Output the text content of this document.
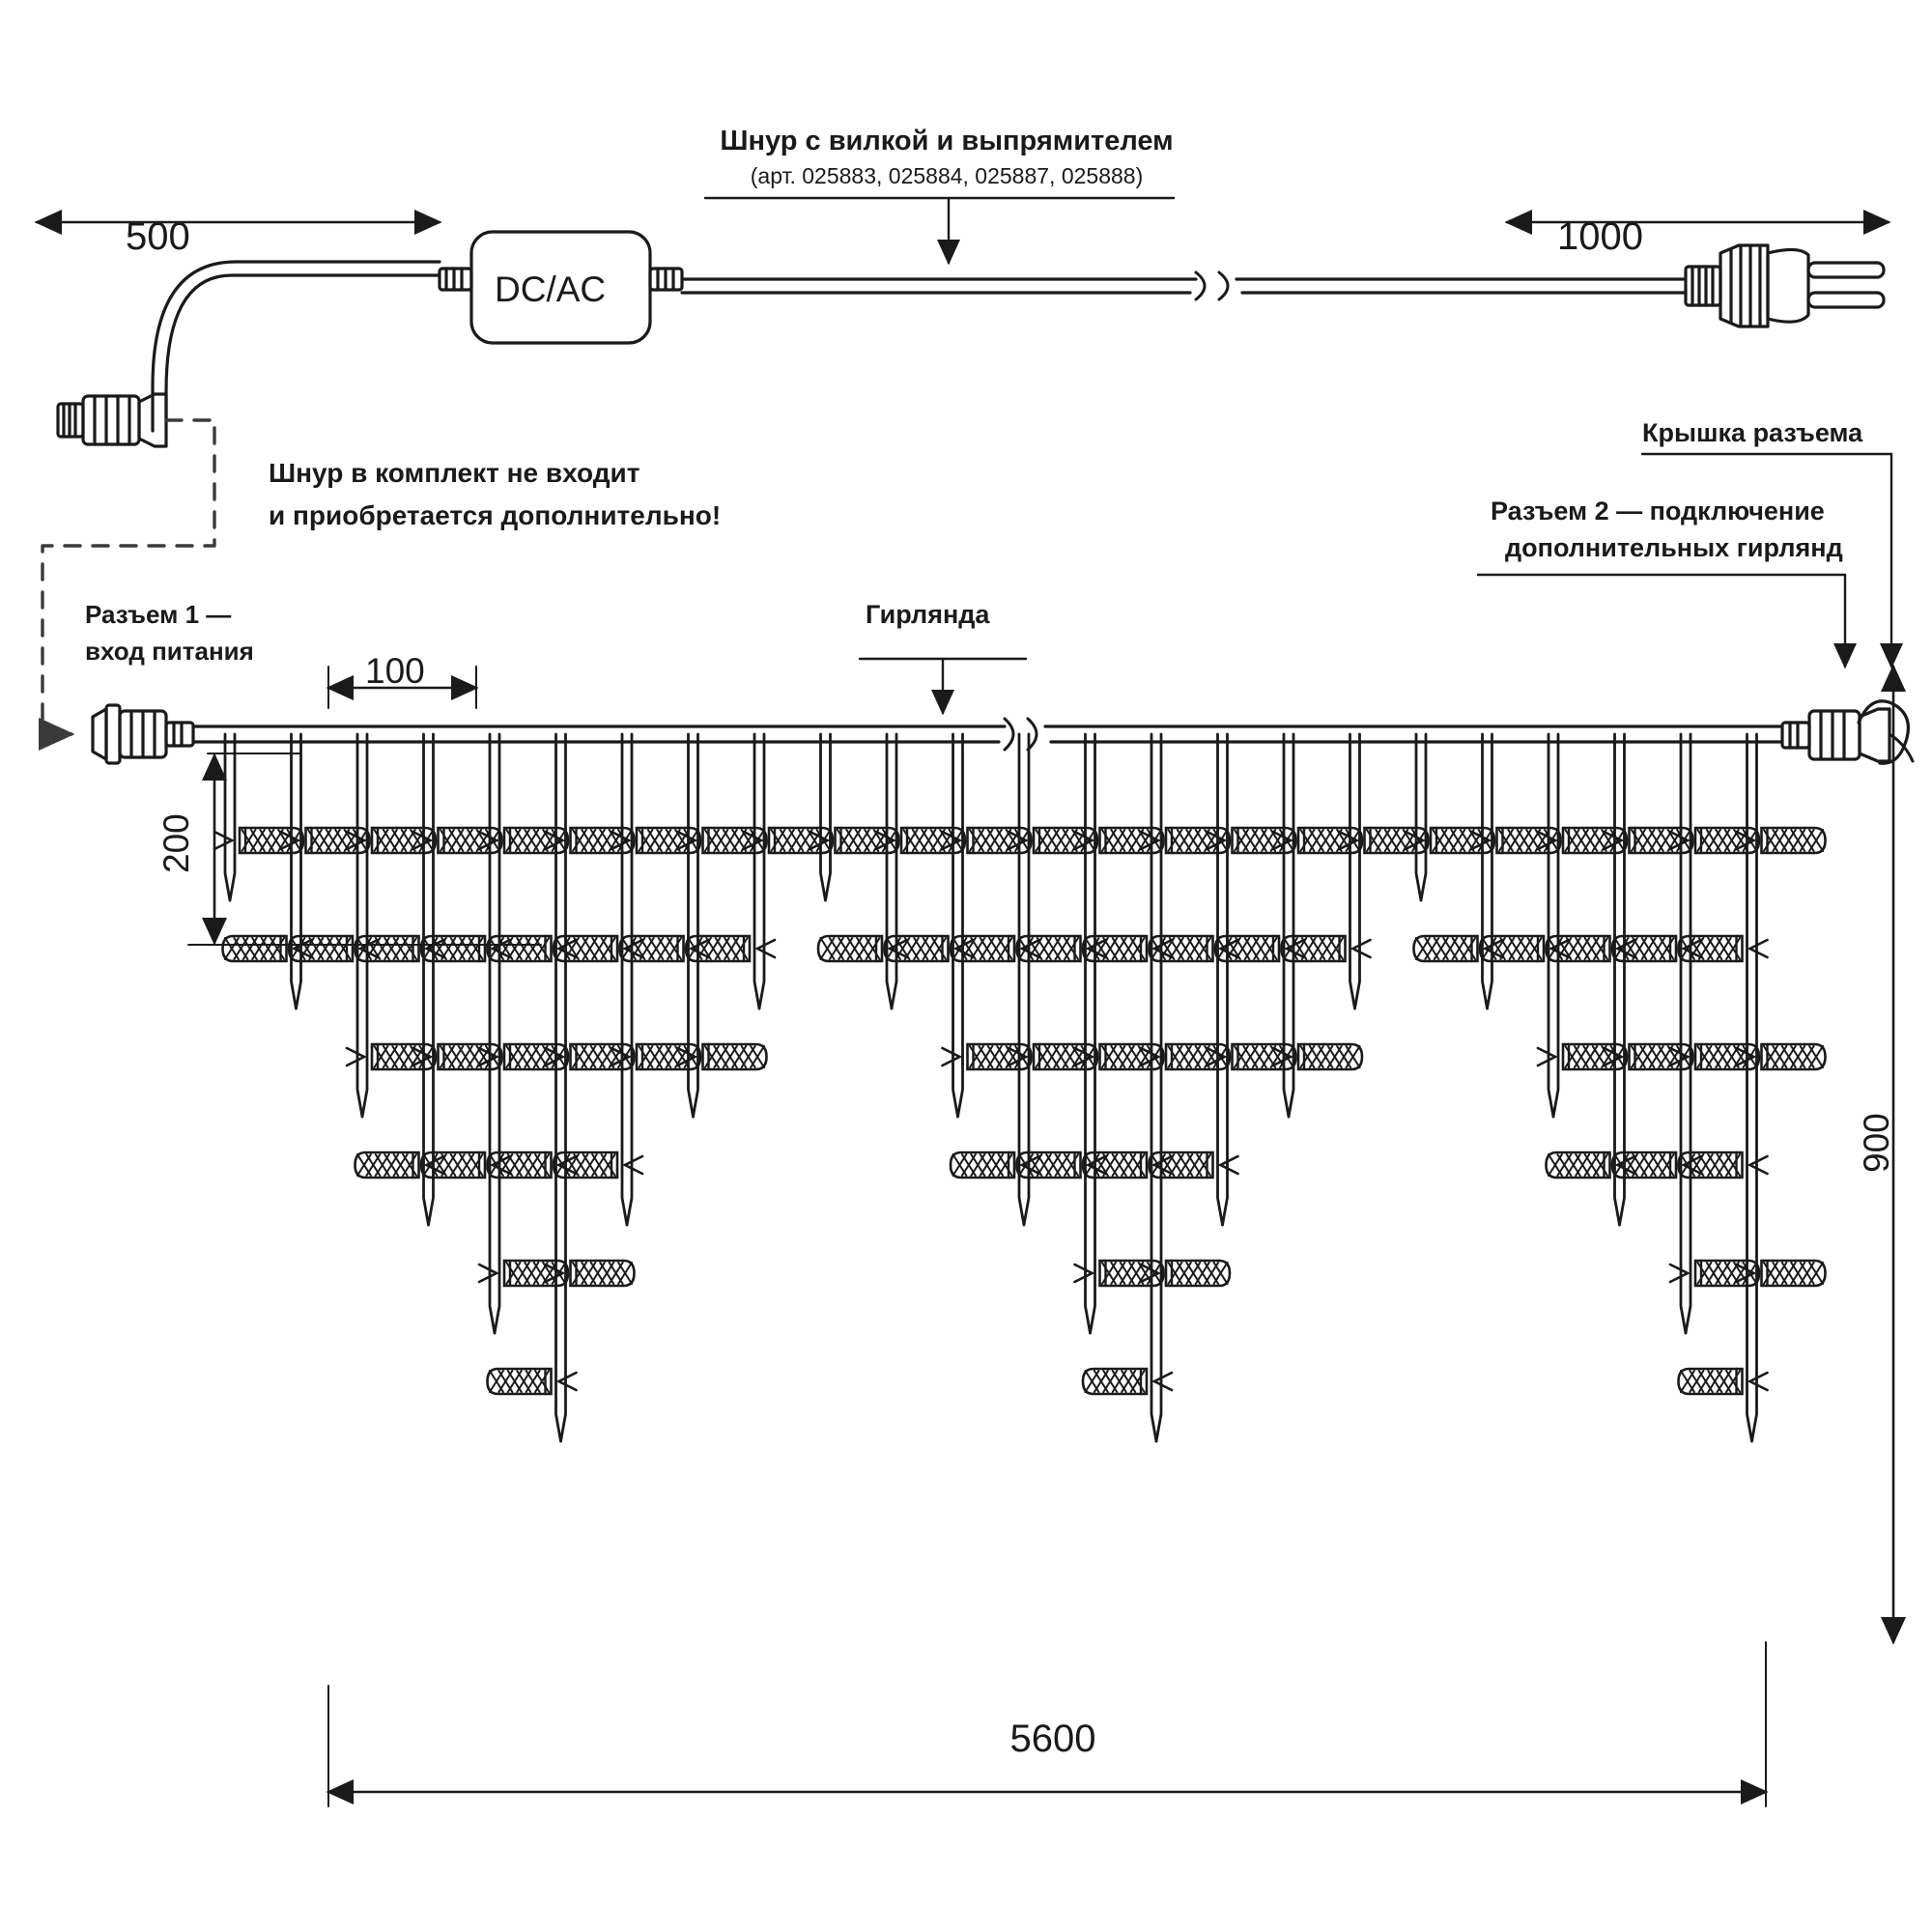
Шнур с вилкой и выпрямителем
(арт. 025883, 025884, 025887, 025888)
500	1000
DC/AC
Шнур в комплект не входит
и приобретается дополнительно!
Разъем 1 —
вход питания
Гирлянда
Крышка разъема
Разъем 2 — подключение
дополнительных гирлянд
100
200
900
5600
